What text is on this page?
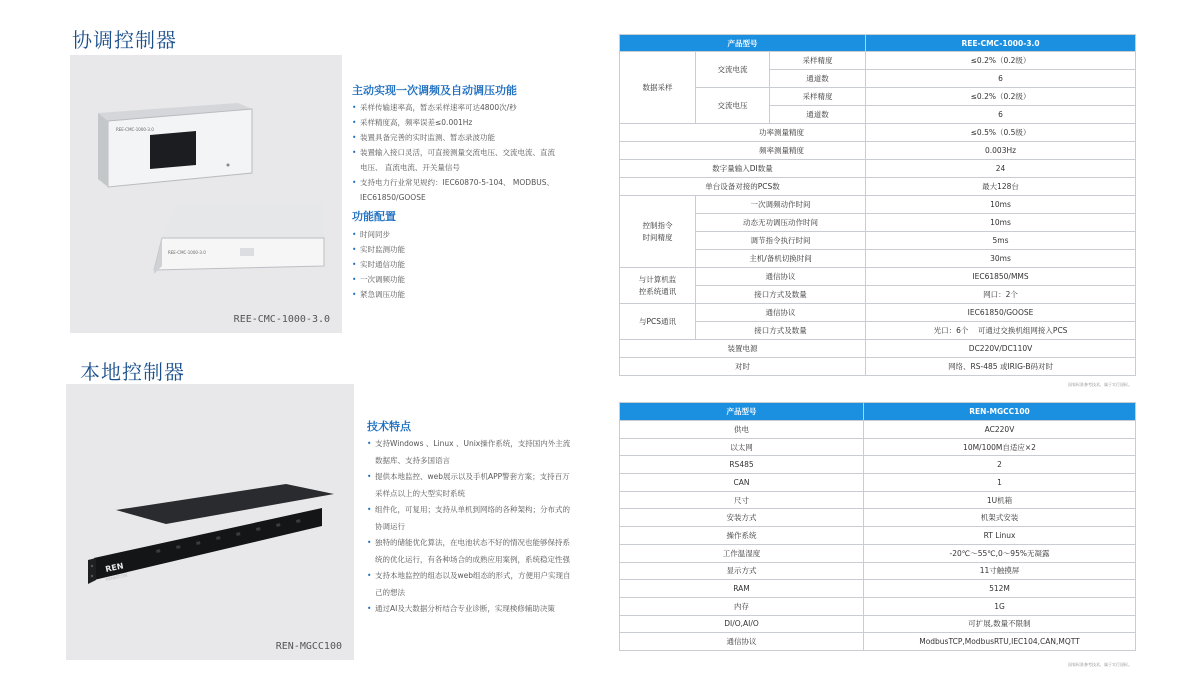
协调控制器
REE-CMC-1000-3.0
REE-CMC-1000-3.0
REE-CMC-1000-3.0
主动实现一次调频及自动调压功能
• 采样传输速率高，暂态采样速率可达4800次/秒
• 采样精度高，频率误差≤0.001Hz
• 装置具备完善的实时监测、暂态录波功能
• 装置输入接口灵活，可直接测量交流电压、交流电流、直流电压、 直流电流、开关量信号
• 支持电力行业常见规约：IEC60870-5-104、 MODBUS、 IEC61850/GOOSE
功能配置
• 时间同步
• 实时监测功能
• 实时通信功能
• 一次调频功能
• 紧急调压功能
产品型号			REE-CMC-1000-3.0
数据采样	交流电流	采样精度	≤0.2%（0.2级）
		通道数	6
	交流电压	采样精度	≤0.2%（0.2级）
		通道数	6
功率测量精度			≤0.5%（0.5级）
频率测量精度			0.003Hz
数字量输入DI数量			24
单台设备对接的PCS数			最大128台
控制指令
时间精度	一次调频动作时间		10ms
	动态无功调压动作时间		10ms
	调节指令执行时间		5ms
	主机/备机切换时间		30ms
与计算机监
控系统通讯	通信协议		IEC61850/MMS
	接口方式及数量		网口：2个
与PCS通讯	通信协议		IEC61850/GOOSE
	接口方式及数量		光口：6个    可通过交换机组网接入PCS
装置电源			DC220V/DC110V
对时			网络、RS-485 或IRIG-B码对时
国家标准参考技术，属于实行国标。
本地控制器
REN
RENATCON
REN-MGCC100
技术特点
• 支持Windows 、Linux 、Unix操作系统，支持国内外主流数据库、支持多国语言
• 提供本地监控、web展示以及手机APP警套方案；支持百万采样点以上的大型实时系统
• 组件化，可复用；支持从单机到网络的各种架构；分布式的协调运行
• 独特的储能优化算法，在电池状态不好的情况也能够保持系统的优化运行，有各种场合的成熟应用案例，系统稳定性强
• 支持本地监控的组态以及web组态的形式，方便用户实现自己的想法
• 通过AI及大数据分析结合专业诊断，实现検修辅助决策
产品型号	REN-MGCC100
供电	AC220V
以太网	10M/100M自适应×2
RS485	2
CAN	1
尺寸	1U机箱
安装方式	机架式安装
操作系统	RT Linux
工作温湿度	-20℃～55℃,0～95%无凝露
显示方式	11寸触摸屏
RAM	512M
内存	1G
DI/O,AI/O	可扩展,数量不限制
通信协议	ModbusTCP,ModbusRTU,IEC104,CAN,MQTT
国家标准参考技术，属于实行国标。
